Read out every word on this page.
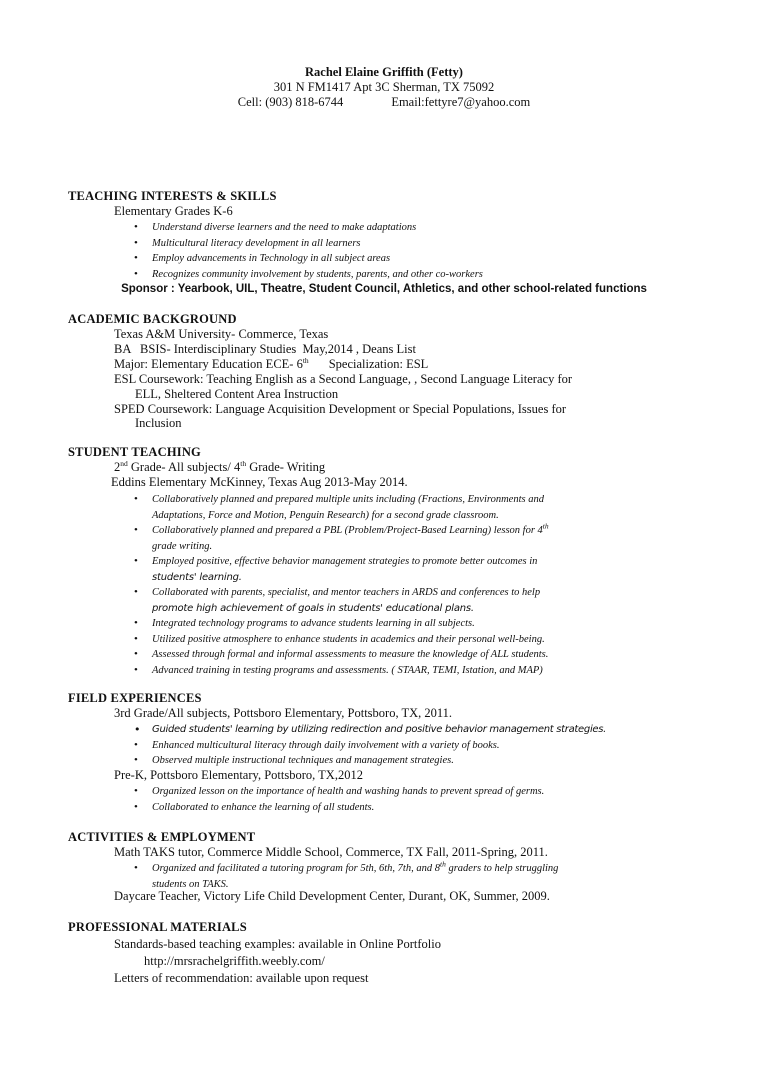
Rachel Elaine Griffith (Fetty)
301 N FM1417 Apt 3C Sherman, TX 75092
Cell: (903) 818-6744	Email:fettyre7@yahoo.com
TEACHING INTERESTS & SKILLS
Elementary Grades K-6
• Understand diverse learners and the need to make adaptations
• Multicultural literacy development in all learners
• Employ advancements in Technology in all subject areas
• Recognizes community involvement by students, parents, and other co-workers
Sponsor : Yearbook, UIL, Theatre, Student Council, Athletics, and other school-related functions
ACADEMIC BACKGROUND
Texas A&M University- Commerce, Texas
BA   BSIS- Interdisciplinary Studies  May,2014 , Deans List
Major: Elementary Education ECE- 6th Specialization: ESL
ESL Coursework: Teaching English as a Second Language, , Second Language Literacy for
ELL, Sheltered Content Area Instruction
SPED Coursework: Language Acquisition Development or Special Populations, Issues for
Inclusion
STUDENT TEACHING
2nd Grade- All subjects/ 4th Grade- Writing
Eddins Elementary McKinney, Texas Aug 2013-May 2014.
• Collaboratively planned and prepared multiple units including (Fractions, Environments and
Adaptations, Force and Motion, Penguin Research) for a second grade classroom.
• Collaboratively planned and prepared a PBL (Problem/Project-Based Learning) lesson for 4th
grade writing.
• Employed positive, effective behavior management strategies to promote better outcomes in
students' learning.
• Collaborated with parents, specialist, and mentor teachers in ARDS and conferences to help
promote high achievement of goals in students' educational plans.
• Integrated technology programs to advance students learning in all subjects.
• Utilized positive atmosphere to enhance students in academics and their personal well-being.
• Assessed through formal and informal assessments to measure the knowledge of ALL students.
• Advanced training in testing programs and assessments. ( STAAR, TEMI, Istation, and MAP)
FIELD EXPERIENCES
3rd Grade/All subjects, Pottsboro Elementary, Pottsboro, TX, 2011.
• Guided students' learning by utilizing redirection and positive behavior management strategies.
• Enhanced multicultural literacy through daily involvement with a variety of books.
• Observed multiple instructional techniques and management strategies.
Pre-K, Pottsboro Elementary, Pottsboro, TX,2012
• Organized lesson on the importance of health and washing hands to prevent spread of germs.
• Collaborated to enhance the learning of all students.
ACTIVITIES & EMPLOYMENT
Math TAKS tutor, Commerce Middle School, Commerce, TX Fall, 2011-Spring, 2011.
• Organized and facilitated a tutoring program for 5th, 6th, 7th, and 8th graders to help struggling
students on TAKS.
Daycare Teacher, Victory Life Child Development Center, Durant, OK, Summer, 2009.
PROFESSIONAL MATERIALS
Standards-based teaching examples: available in Online Portfolio
http://mrsrachelgriffith.weebly.com/
Letters of recommendation: available upon request
